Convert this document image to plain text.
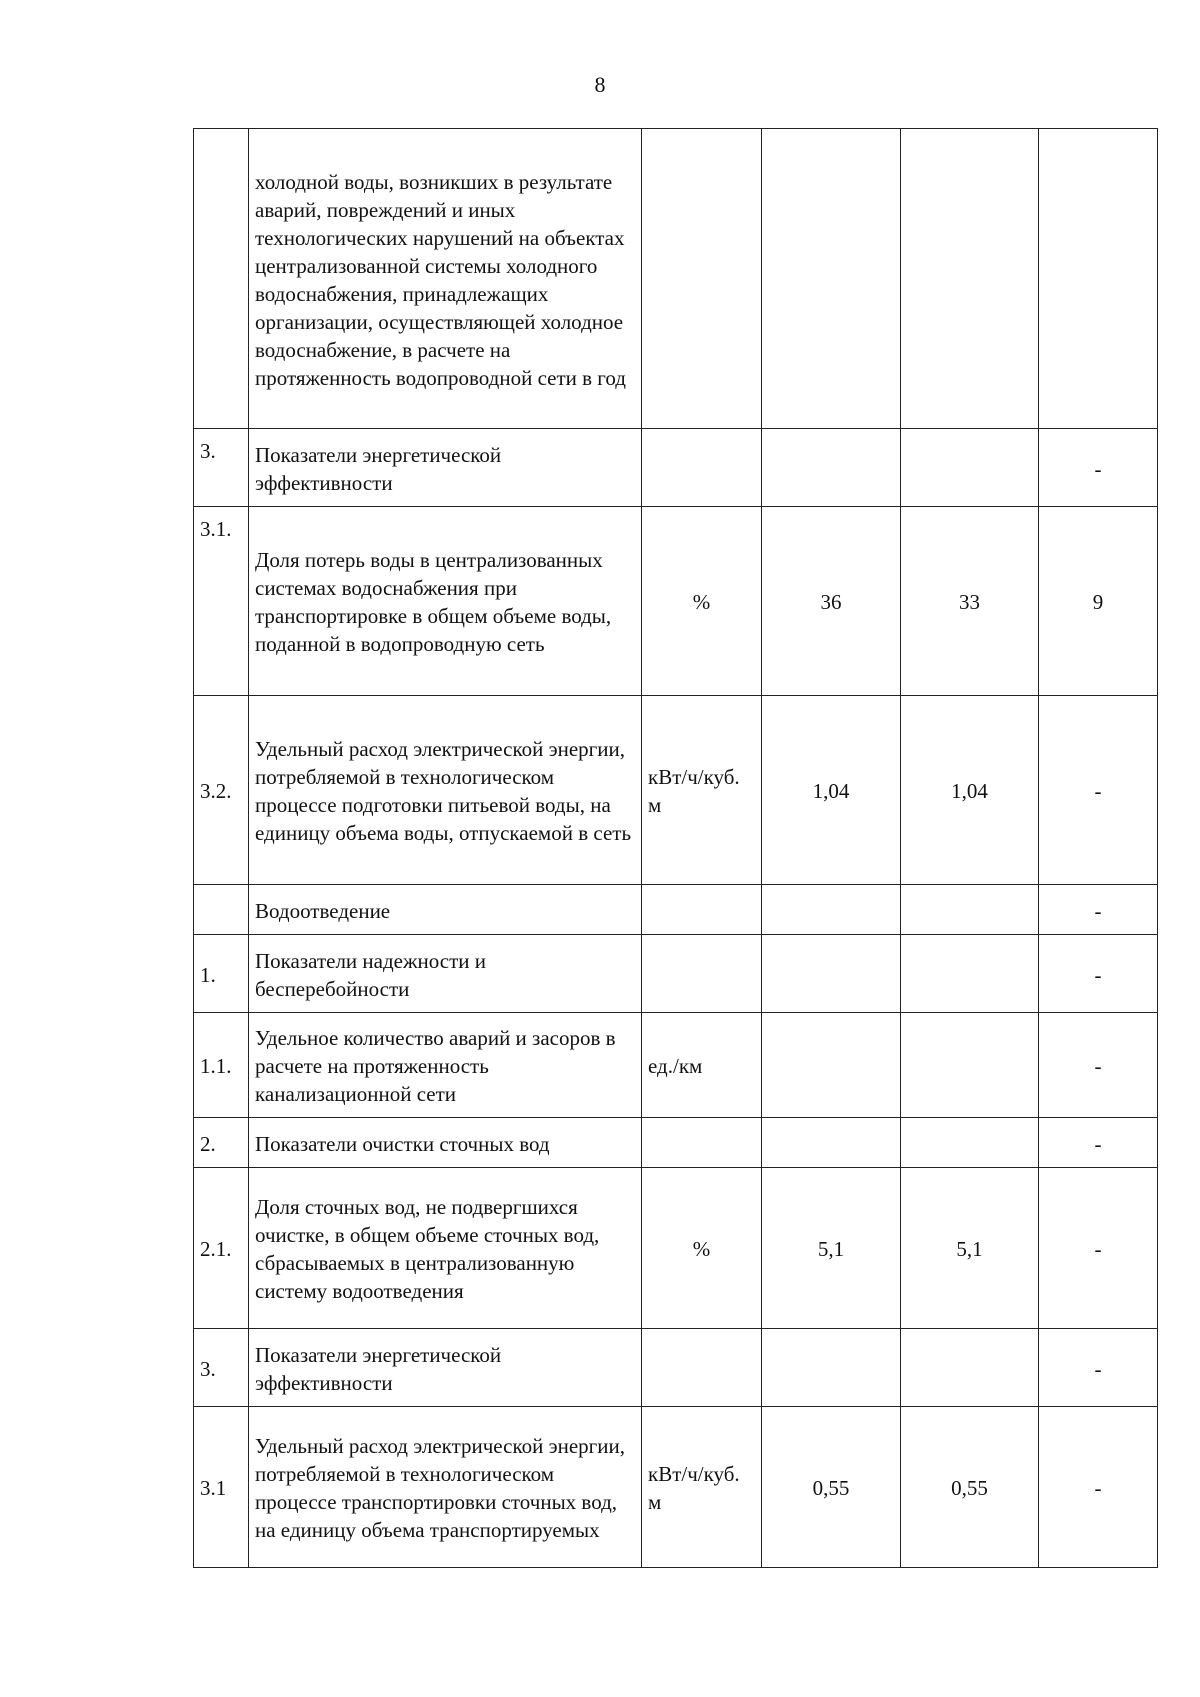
8
	холодной воды, возникших в результате аварий, повреждений и иных технологических нарушений на объектах централизованной системы холодного водоснабжения, принадлежащих организации, осуществляющей холодное водоснабжение, в расчете на протяженность водопроводной сети в год				
3.	Показатели энергетической эффективности				-
3.1.	Доля потерь воды в централизованных системах водоснабжения при транспортировке в общем объеме воды, поданной в водопроводную сеть	%	36	33	9
3.2.	Удельный расход электрической энергии, потребляемой в технологическом процессе подготовки питьевой воды, на единицу объема воды, отпускаемой в сеть	кВт/ч/куб. м	1,04	1,04	-
	Водоотведение				-
1.	Показатели надежности и бесперебойности				-
1.1.	Удельное количество аварий и засоров в расчете на протяженность канализационной сети	ед./км			-
2.	Показатели очистки сточных вод				-
2.1.	Доля сточных вод, не подвергшихся очистке, в общем объеме сточных вод, сбрасываемых в централизованную систему водоотведения	%	5,1	5,1	-
3.	Показатели энергетической эффективности				-
3.1	Удельный расход электрической энергии, потребляемой в технологическом процессе транспортировки сточных вод, на единицу объема транспортируемых	кВт/ч/куб. м	0,55	0,55	-
